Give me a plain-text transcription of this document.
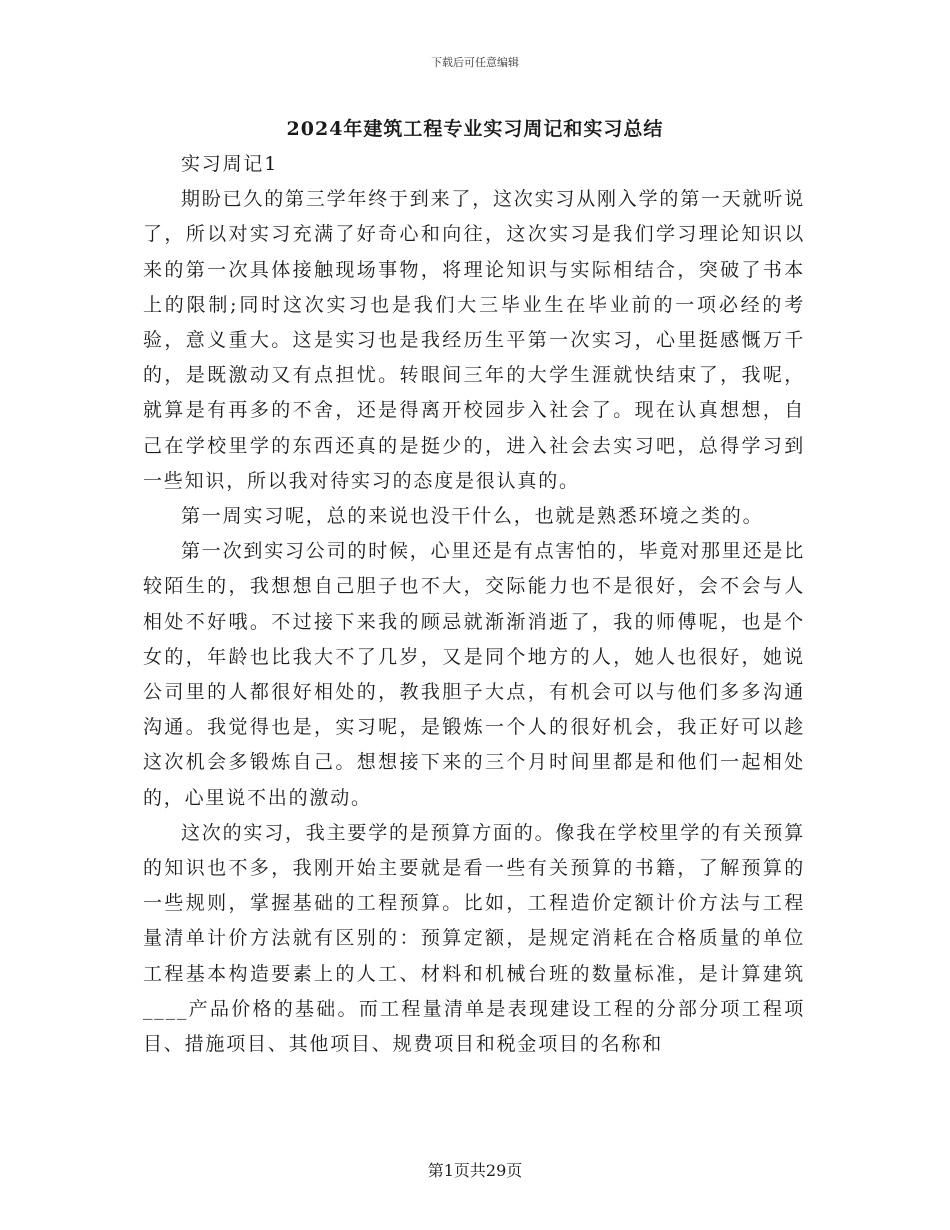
下载后可任意编辑
2024年建筑工程专业实习周记和实习总结

实习周记1

期盼已久的第三学年终于到来了，这次实习从刚入学的第一天就听说了，所以对实习充满了好奇心和向往，这次实习是我们学习理论知识以来的第一次具体接触现场事物，将理论知识与实际相结合，突破了书本上的限制;同时这次实习也是我们大三毕业生在毕业前的一项必经的考验，意义重大。这是实习也是我经历生平第一次实习，心里挺感慨万千的，是既激动又有点担忧。转眼间三年的大学生涯就快结束了，我呢，就算是有再多的不舍，还是得离开校园步入社会了。现在认真想想，自己在学校里学的东西还真的是挺少的，进入社会去实习吧，总得学习到一些知识，所以我对待实习的态度是很认真的。

第一周实习呢，总的来说也没干什么，也就是熟悉环境之类的。

第一次到实习公司的时候，心里还是有点害怕的，毕竟对那里还是比较陌生的，我想想自己胆子也不大，交际能力也不是很好，会不会与人相处不好哦。不过接下来我的顾忌就渐渐消逝了，我的师傅呢，也是个女的，年龄也比我大不了几岁，又是同个地方的人，她人也很好，她说公司里的人都很好相处的，教我胆子大点，有机会可以与他们多多沟通沟通。我觉得也是，实习呢，是锻炼一个人的很好机会，我正好可以趁这次机会多锻炼自己。想想接下来的三个月时间里都是和他们一起相处的，心里说不出的激动。

这次的实习，我主要学的是预算方面的。像我在学校里学的有关预算的知识也不多，我刚开始主要就是看一些有关预算的书籍，了解预算的一些规则，掌握基础的工程预算。比如，工程造价定额计价方法与工程量清单计价方法就有区别的：预算定额，是规定消耗在合格质量的单位工程基本构造要素上的人工、材料和机械台班的数量标准，是计算建筑____产品价格的基础。而工程量清单是表现建设工程的分部分项工程项目、措施项目、其他项目、规费项目和税金项目的名称和

第1页共29页
